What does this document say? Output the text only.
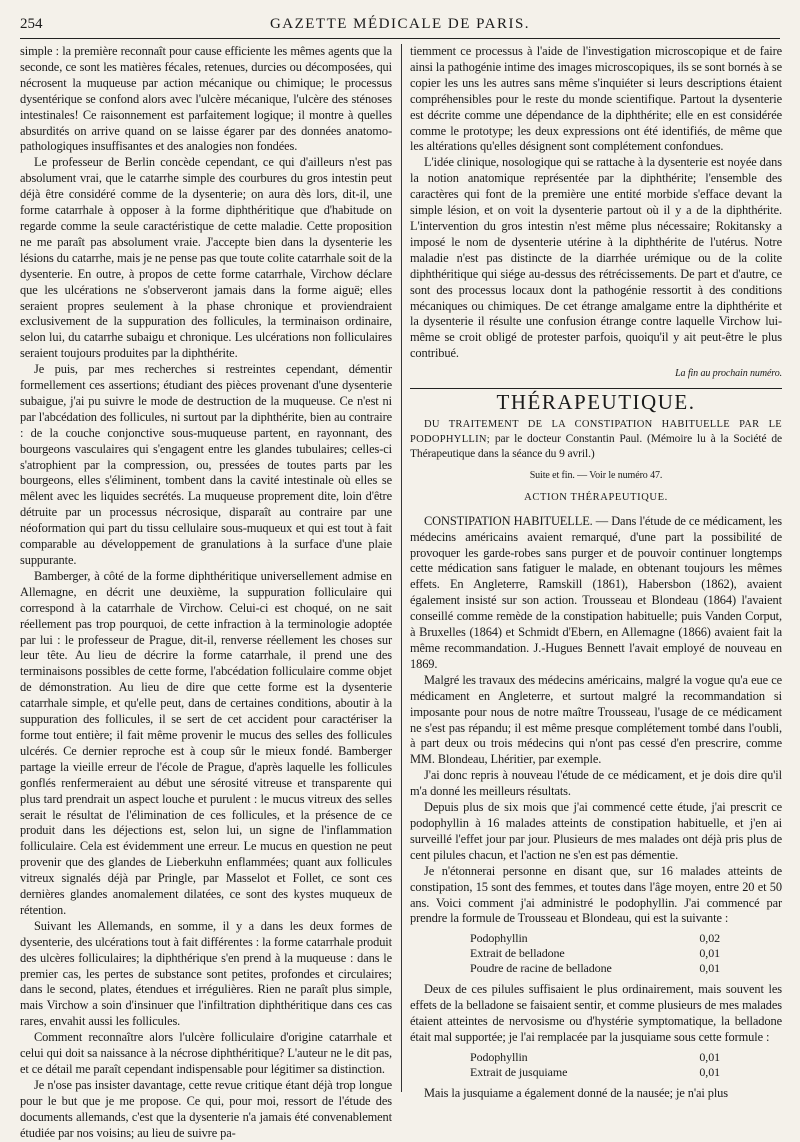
254	GAZETTE MÉDICALE DE PARIS.

simple : la première reconnaît pour cause efficiente les mêmes agents que la seconde, ce sont les matières fécales, retenues, durcies ou décomposées, qui nécrosent la muqueuse par action mécanique ou chimique; le processus dysentérique se confond alors avec l'ulcère mécanique, l'ulcère des sténoses intestinales! Ce raisonnement est parfaitement logique; il montre à quelles absurdités on arrive quand on se laisse égarer par des données anatomo-pathologiques insuffisantes et des analogies non fondées.

Le professeur de Berlin concède cependant, ce qui d'ailleurs n'est pas absolument vrai, que le catarrhe simple des courbures du gros intestin peut déjà être considéré comme de la dysenterie; on aura dès lors, dit-il, une forme catarrhale à opposer à la forme diphthéritique que d'habitude on regarde comme la seule caractéristique de cette maladie. Cette proposition ne me paraît pas absolument vraie. J'accepte bien dans la dysenterie les lésions du catarrhe, mais je ne pense pas que toute colite catarrhale soit de la dysenterie. En outre, à propos de cette forme catarrhale, Virchow déclare que les ulcérations ne s'observeront jamais dans la forme aiguë; elles seraient propres seulement à la phase chronique et proviendraient exclusivement de la suppuration des follicules, la terminaison ordinaire, selon lui, du catarrhe subaigu et chronique. Les ulcérations non folliculaires seraient toujours produites par la diphthérite.

Je puis, par mes recherches si restreintes cependant, démentir formellement ces assertions; étudiant des pièces provenant d'une dysenterie subaigue, j'ai pu suivre le mode de destruction de la muqueuse. Ce n'est ni par l'abcédation des follicules, ni surtout par la diphthérite, bien au contraire : de la couche conjonctive sous-muqueuse partent, en rayonnant, des bourgeons vasculaires qui s'engagent entre les glandes tubulaires; celles-ci s'atrophient par la compression, ou, pressées de toutes parts par les bourgeons, elles s'éliminent, tombent dans la cavité intestinale où elles se mêlent avec les liquides secrétés. La muqueuse proprement dite, loin d'être détruite par un processus nécrosique, disparaît au contraire par une néoformation qui part du tissu cellulaire sous-muqueux et qui est tout à fait comparable au développement de granulations à la surface d'une plaie suppurante.

Bamberger, à côté de la forme diphthéritique universellement admise en Allemagne, en décrit une deuxième, la suppuration folliculaire qui correspond à la catarrhale de Virchow. Celui-ci est choqué, on ne sait réellement pas trop pourquoi, de cette infraction à la terminologie adoptée par lui : le professeur de Prague, dit-il, renverse réellement les choses sur leur tête. Au lieu de décrire la forme catarrhale, il prend une des terminaisons possibles de cette forme, l'abcédation folliculaire comme objet de démonstration. Au lieu de dire que cette forme est la dysenterie catarrhale simple, et qu'elle peut, dans de certaines conditions, aboutir à la suppuration des follicules, il se sert de cet accident pour caractériser la forme tout entière; il fait même provenir le mucus des selles des follicules ulcérés. Ce dernier reproche est à coup sûr le mieux fondé. Bamberger partage la vieille erreur de l'école de Prague, d'après laquelle les follicules gonflés renfermeraient au début une sérosité vitreuse et transparente qui plus tard prendrait un aspect louche et purulent : le mucus vitreux des selles serait le résultat de l'élimination de ces follicules, et la présence de ce produit dans les déjections est, selon lui, un signe de l'inflammation folliculaire. Cela est évidemment une erreur. Le mucus en question ne peut provenir que des glandes de Lieberkuhn enflammées; quant aux follicules vitreux signalés déjà par Pringle, par Masselot et Follet, ce sont ces dernières glandes anomalement dilatées, ce sont des kystes muqueux de rétention.

Suivant les Allemands, en somme, il y a dans les deux formes de dysenterie, des ulcérations tout à fait différentes : la forme catarrhale produit des ulcères folliculaires; la diphthérique s'en prend à la muqueuse : dans le premier cas, les pertes de substance sont petites, profondes et circulaires; dans le second, plates, étendues et irrégulières. Rien ne paraît plus simple, mais Virchow a soin d'insinuer que l'infiltration diphthéritique dans ces cas rares, envahit aussi les follicules.

Comment reconnaître alors l'ulcère folliculaire d'origine catarrhale et celui qui doit sa naissance à la nécrose diphthéritique? L'auteur ne le dit pas, et ce détail me paraît cependant indispensable pour légitimer sa distinction.

Je n'ose pas insister davantage, cette revue critique étant déjà trop longue pour le but que je me propose. Ce qui, pour moi, ressort de l'étude des documents allemands, c'est que la dysenterie n'a jamais été convenablement étudiée par nos voisins; au lieu de suivre pa-

tiemment ce processus à l'aide de l'investigation microscopique et de faire ainsi la pathogénie intime des images microscopiques, ils se sont bornés à se copier les uns les autres sans même s'inquiéter si leurs descriptions étaient compréhensibles pour le reste du monde scientifique. Partout la dysenterie est décrite comme une dépendance de la diphthérite; elle en est considérée comme le prototype; les deux expressions ont été identifiés, de même que les altérations qu'elles désignent sont complétement confondues.

L'idée clinique, nosologique qui se rattache à la dysenterie est noyée dans la notion anatomique représentée par la diphthérite; l'ensemble des caractères qui font de la première une entité morbide s'efface devant la simple lésion, et on voit la dysenterie partout où il y a de la diphthérite. L'intervention du gros intestin n'est même plus nécessaire; Rokitansky a imposé le nom de dysenterie utérine à la diphthérite de l'utérus. Notre maladie n'est pas distincte de la diarrhée urémique ou de la colite diphthéritique qui siége au-dessus des rétrécissements. De part et d'autre, ce sont des processus locaux dont la pathogénie ressortit à des conditions mécaniques ou chimiques. De cet étrange amalgame entre la diphthérite et la dysenterie il résulte une confusion étrange contre laquelle Virchow lui-même se croit obligé de protester parfois, quoiqu'il y ait peut-être le plus contribué.

La fin au prochain numéro.
THÉRAPEUTIQUE.

DU TRAITEMENT DE LA CONSTIPATION HABITUELLE PAR LE PODOPHYLLIN; par le docteur Constantin Paul. (Mémoire lu à la Société de Thérapeutique dans la séance du 9 avril.)

Suite et fin. — Voir le numéro 47.
ACTION THÉRAPEUTIQUE.

CONSTIPATION HABITUELLE. — Dans l'étude de ce médicament, les médecins américains avaient remarqué, d'une part la possibilité de provoquer les garde-robes sans purger et de pouvoir continuer longtemps cette médication sans fatiguer le malade, en obtenant toujours les mêmes effets. En Angleterre, Ramskill (1861), Habersbon (1862), avaient également insisté sur son action. Trousseau et Blondeau (1864) l'avaient conseillé comme remède de la constipation habituelle; puis Vanden Corput, à Bruxelles (1864) et Schmidt d'Ebern, en Allemagne (1866) avaient fait la même recommandation. J.-Hugues Bennett l'avait employé de nouveau en 1869.

Malgré les travaux des médecins américains, malgré la vogue qu'a eue ce médicament en Angleterre, et surtout malgré la recommandation si imposante pour nous de notre maître Trousseau, l'usage de ce médicament ne s'est pas répandu; il est même presque complétement tombé dans l'oubli, à part deux ou trois médecins qui n'ont pas cessé d'en prescrire, comme MM. Blondeau, Lhéritier, par exemple.

J'ai donc repris à nouveau l'étude de ce médicament, et je dois dire qu'il m'a donné les meilleurs résultats.

Depuis plus de six mois que j'ai commencé cette étude, j'ai prescrit ce podophyllin à 16 malades atteints de constipation habituelle, et j'en ai surveillé l'effet jour par jour. Plusieurs de mes malades ont déjà pris plus de cent pilules chacun, et l'action ne s'en est pas démentie.

Je n'étonnerai personne en disant que, sur 16 malades atteints de constipation, 15 sont des femmes, et toutes dans l'âge moyen, entre 20 et 50 ans. Voici comment j'ai administré le podophyllin. J'ai commencé par prendre la formule de Trousseau et Blondeau, qui est la suivante :

Podophyllin	0,02
Extrait de belladone	0,01
Poudre de racine de belladone	0,01

Deux de ces pilules suffisaient le plus ordinairement, mais souvent les effets de la belladone se faisaient sentir, et comme plusieurs de mes malades étaient atteintes de nervosisme ou d'hystérie symptomatique, la belladone était mal supportée; je l'ai remplacée par la jusquiame sous cette formule :

Podophyllin	0,01
Extrait de jusquiame	0,01

Mais la jusquiame a également donné de la nausée; je n'ai plus
